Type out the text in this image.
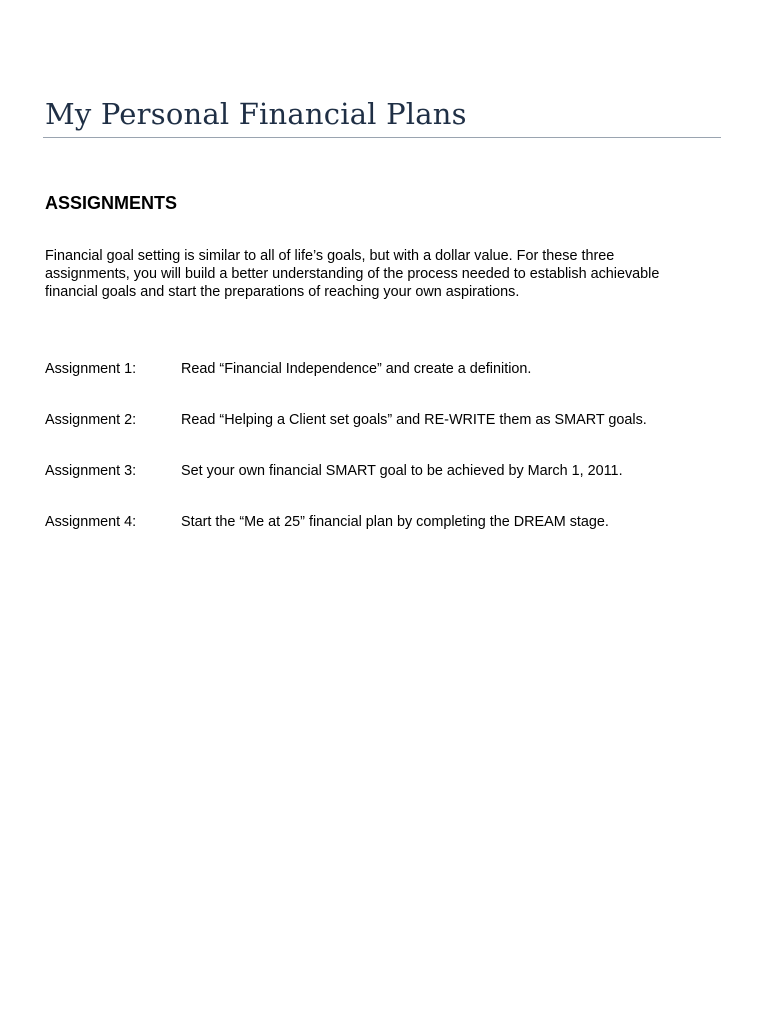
My Personal Financial Plans
ASSIGNMENTS

Financial goal setting is similar to all of life’s goals, but with a dollar value. For these three
assignments, you will build a better understanding of the process needed to establish achievable
financial goals and start the preparations of reaching your own aspirations.

Assignment 1:	Read “Financial Independence” and create a definition.
Assignment 2:	Read “Helping a Client set goals” and RE-WRITE them as SMART goals.
Assignment 3:	Set your own financial SMART goal to be achieved by March 1, 2011.
Assignment 4:	Start the “Me at 25” financial plan by completing the DREAM stage.
